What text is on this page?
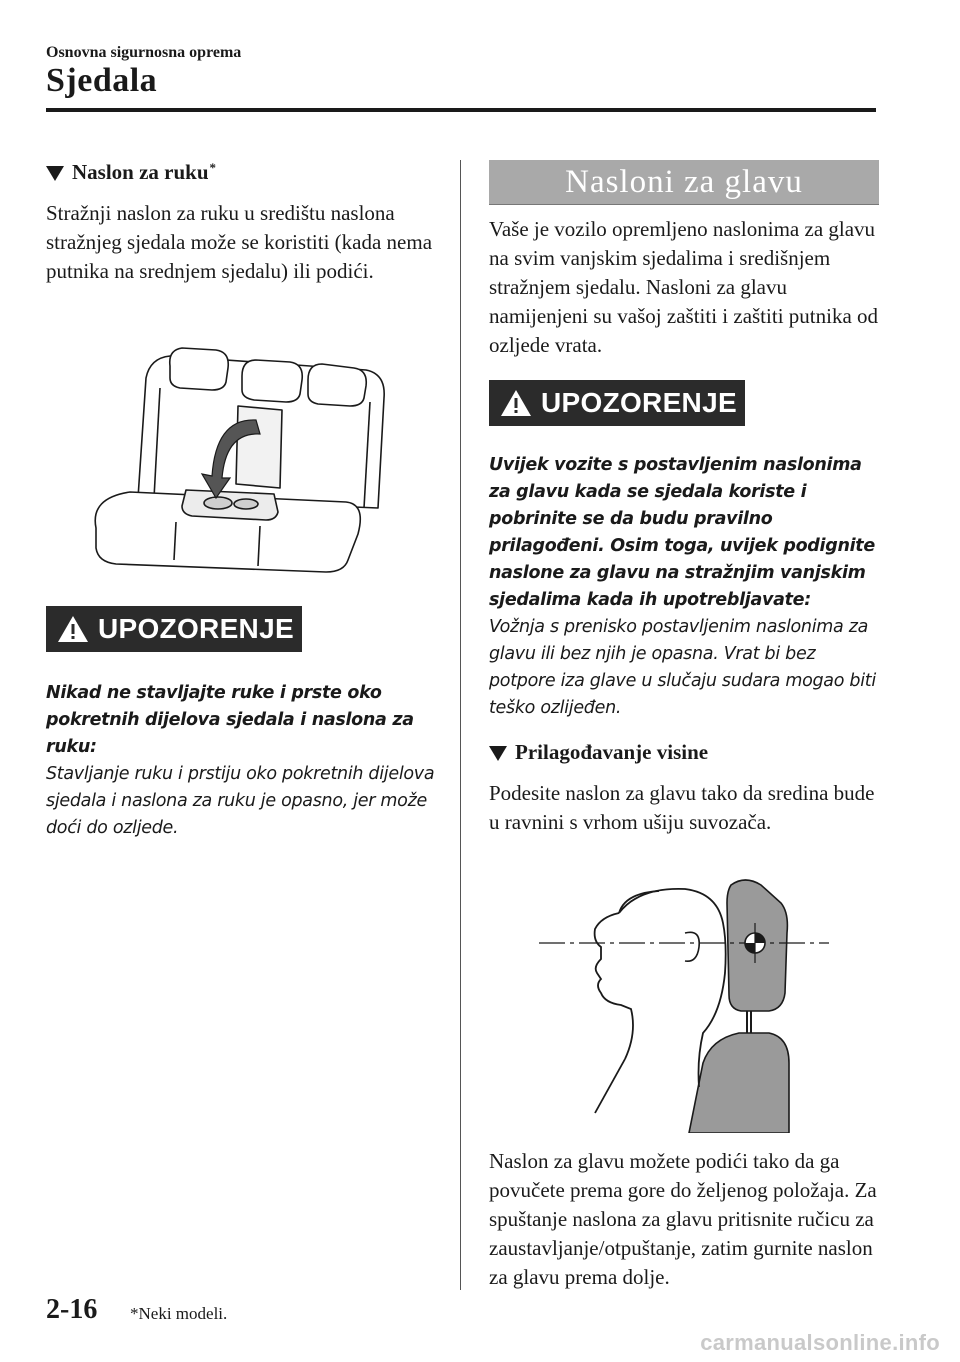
Osnovna sigurnosna oprema
Sjedala
Naslon za ruku *

Stražnji naslon za ruku u središtu naslona stražnjeg sjedala može se koristiti (kada nema putnika na srednjem sjedalu) ili podići.

UPOZORENJE

Nikad ne stavljajte ruke i prste oko pokretnih dijelova sjedala i naslona za ruku:

Stavljanje ruku i prstiju oko pokretnih dijelova sjedala i naslona za ruku je opasno, jer može doći do ozljede.

Nasloni za glavu

Vaše je vozilo opremljeno naslonima za glavu na svim vanjskim sjedalima i središnjem stražnjem sjedalu. Nasloni za glavu namijenjeni su vašoj zaštiti i zaštiti putnika od ozljede vrata.

UPOZORENJE

Uvijek vozite s postavljenim naslonima za glavu kada se sjedala koriste i pobrinite se da budu pravilno prilagođeni. Osim toga, uvijek podignite naslone za glavu na stražnjim vanjskim sjedalima kada ih upotrebljavate:

Vožnja s prenisko postavljenim naslonima za glavu ili bez njih je opasna. Vrat bi bez potpore iza glave u slučaju sudara mogao biti teško ozlijeđen.

Prilagođavanje visine

Podesite naslon za glavu tako da sredina bude u ravnini s vrhom ušiju suvozača.

Naslon za glavu možete podići tako da ga povučete prema gore do željenog položaja. Za spuštanje naslona za glavu pritisnite ručicu za zaustavljanje/otpuštanje, zatim gurnite naslon za glavu prema dolje.

2-16 *Neki modeli.
carmanualsonline.info
